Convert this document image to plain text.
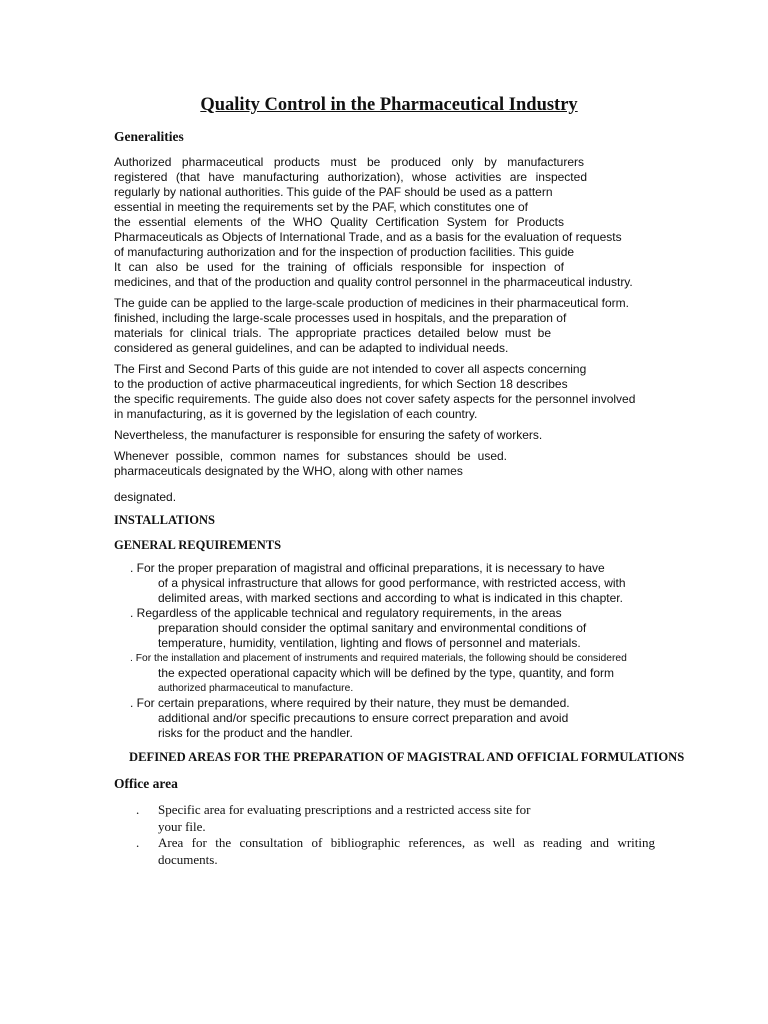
Quality Control in the Pharmaceutical Industry
Generalities
Authorized pharmaceutical products must be produced only by manufacturers
registered (that have manufacturing authorization), whose activities are inspected
regularly by national authorities. This guide of the PAF should be used as a pattern
essential in meeting the requirements set by the PAF, which constitutes one of
the essential elements of the WHO Quality Certification System for Products
Pharmaceuticals as Objects of International Trade, and as a basis for the evaluation of requests
of manufacturing authorization and for the inspection of production facilities. This guide
It can also be used for the training of officials responsible for inspection of
medicines, and that of the production and quality control personnel in the pharmaceutical industry.
The guide can be applied to the large-scale production of medicines in their pharmaceutical form.
finished, including the large-scale processes used in hospitals, and the preparation of
materials for clinical trials. The appropriate practices detailed below must be
considered as general guidelines, and can be adapted to individual needs.
The First and Second Parts of this guide are not intended to cover all aspects concerning
to the production of active pharmaceutical ingredients, for which Section 18 describes
the specific requirements. The guide also does not cover safety aspects for the personnel involved
in manufacturing, as it is governed by the legislation of each country.
Nevertheless, the manufacturer is responsible for ensuring the safety of workers.
Whenever possible, common names for substances should be used.
pharmaceuticals designated by the WHO, along with other names
designated.
INSTALLATIONS
GENERAL REQUIREMENTS
. For the proper preparation of magistral and officinal preparations, it is necessary to have
of a physical infrastructure that allows for good performance, with restricted access, with
delimited areas, with marked sections and according to what is indicated in this chapter.
. Regardless of the applicable technical and regulatory requirements, in the areas
preparation should consider the optimal sanitary and environmental conditions of
temperature, humidity, ventilation, lighting and flows of personnel and materials.
. For the installation and placement of instruments and required materials, the following should be considered
the expected operational capacity which will be defined by the type, quantity, and form
authorized pharmaceutical to manufacture.
. For certain preparations, where required by their nature, they must be demanded.
additional and/or specific precautions to ensure correct preparation and avoid
risks for the product and the handler.
DEFINED AREAS FOR THE PREPARATION OF MAGISTRAL AND OFFICIAL FORMULATIONS
Office area
. Specific area for evaluating prescriptions and a restricted access site for
your file.
. Area for the consultation of bibliographic references, as well as reading and writing
documents.
